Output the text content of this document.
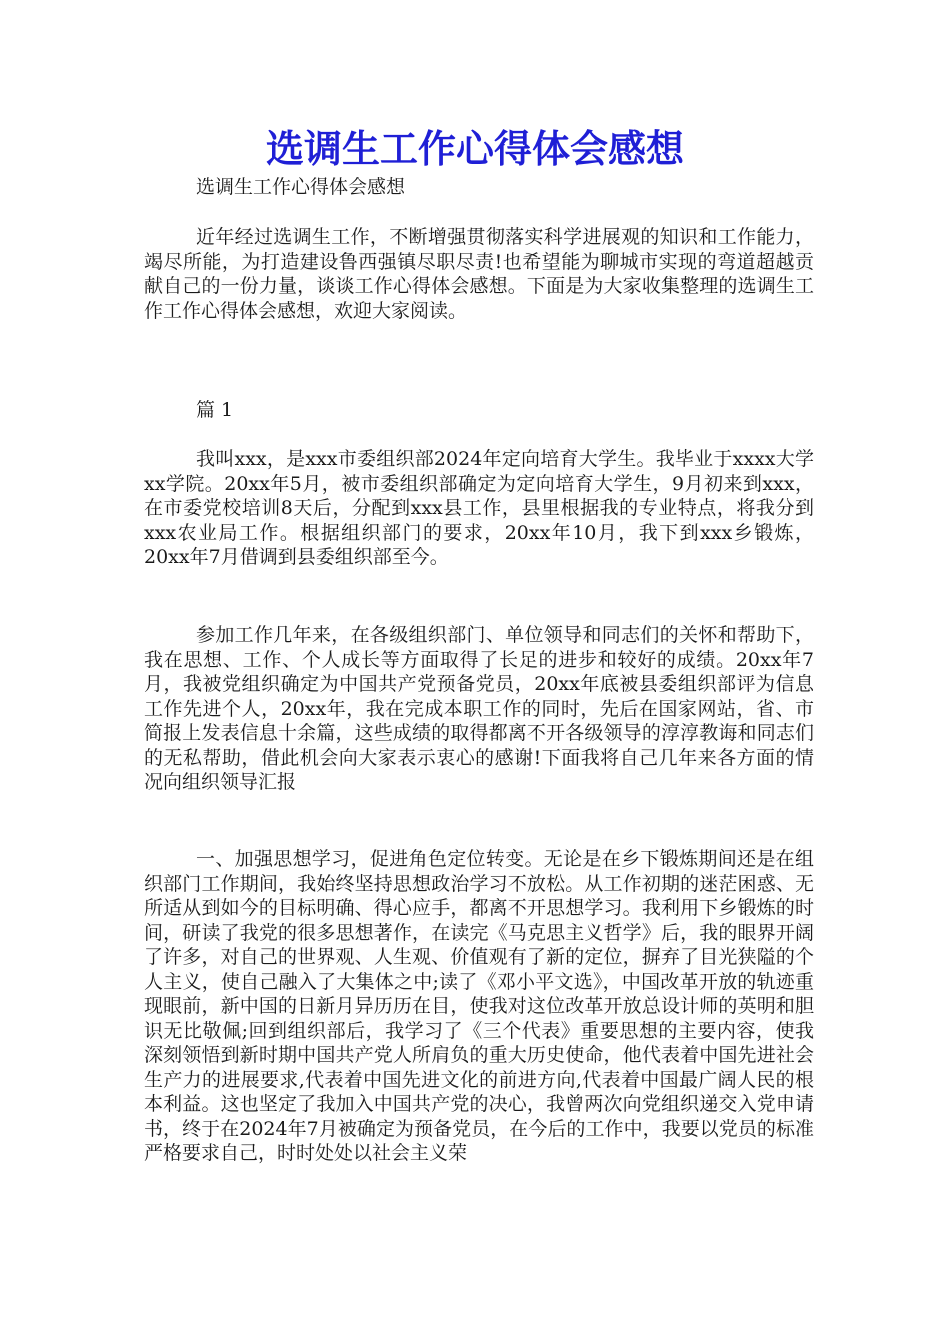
选调生工作心得体会感想

选调生工作心得体会感想

近年经过选调生工作，不断增强贯彻落实科学进展观的知识和工作能力，竭尽所能，为打造建设鲁西强镇尽职尽责!也希望能为聊城市实现的弯道超越贡献自己的一份力量，谈谈工作心得体会感想。下面是为大家收集整理的选调生工作工作心得体会感想，欢迎大家阅读。

篇 1

我叫xxx，是xxx市委组织部2024年定向培育大学生。我毕业于xxxx大学xx学院。20xx年5月，被市委组织部确定为定向培育大学生，9月初来到xxx，在市委党校培训8天后，分配到xxx县工作，县里根据我的专业特点，将我分到xxx农业局工作。根据组织部门的要求，20xx年10月，我下到xxx乡锻炼，20xx年7月借调到县委组织部至今。

参加工作几年来，在各级组织部门、单位领导和同志们的关怀和帮助下，我在思想、工作、个人成长等方面取得了长足的进步和较好的成绩。20xx年7月，我被党组织确定为中国共产党预备党员，20xx年底被县委组织部评为信息工作先进个人，20xx年，我在完成本职工作的同时，先后在国家网站，省、市简报上发表信息十余篇，这些成绩的取得都离不开各级领导的淳淳教诲和同志们的无私帮助，借此机会向大家表示衷心的感谢!下面我将自己几年来各方面的情况向组织领导汇报

一、加强思想学习，促进角色定位转变。无论是在乡下锻炼期间还是在组织部门工作期间，我始终坚持思想政治学习不放松。从工作初期的迷茫困惑、无所适从到如今的目标明确、得心应手，都离不开思想学习。我利用下乡锻炼的时间，研读了我党的很多思想著作，在读完《马克思主义哲学》后，我的眼界开阔了许多，对自己的世界观、人生观、价值观有了新的定位，摒弃了目光狭隘的个人主义，使自己融入了大集体之中;读了《邓小平文选》，中国改革开放的轨迹重现眼前，新中国的日新月异历历在目，使我对这位改革开放总设计师的英明和胆识无比敬佩;回到组织部后，我学习了《三个代表》重要思想的主要内容，使我深刻领悟到新时期中国共产党人所肩负的重大历史使命，他代表着中国先进社会生产力的进展要求,代表着中国先进文化的前进方向,代表着中国最广阔人民的根本利益。这也坚定了我加入中国共产党的决心，我曾两次向党组织递交入党申请书，终于在2024年7月被确定为预备党员，在今后的工作中，我要以党员的标准严格要求自己，时时处处以社会主义荣
